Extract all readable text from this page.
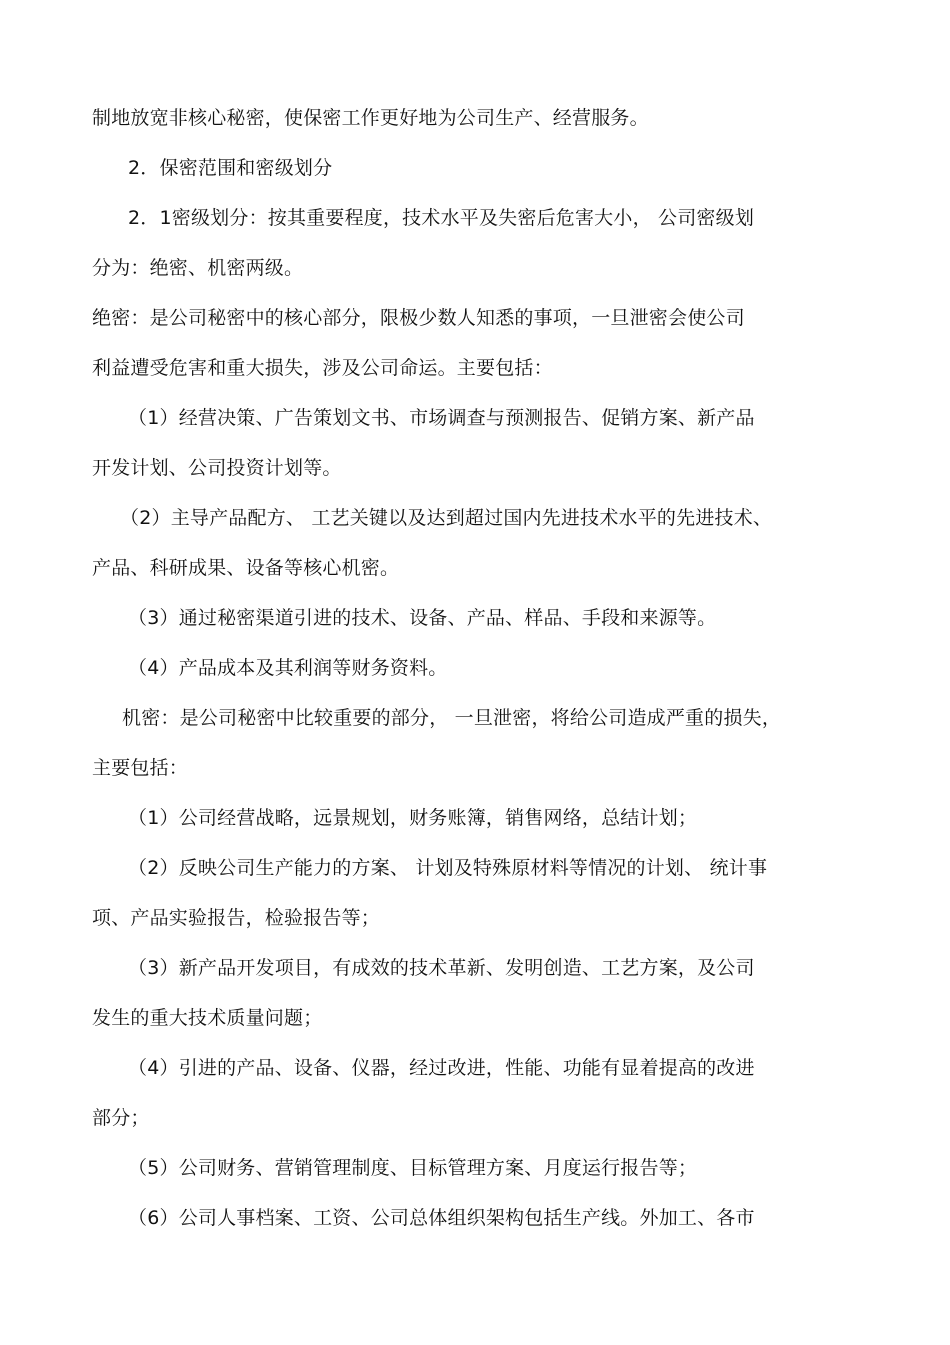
制地放宽非核心秘密，使保密工作更好地为公司生产、经营服务。
2．保密范围和密级划分
2．1密级划分：按其重要程度，技术水平及失密后危害大小， 公司密级划
分为：绝密、机密两级。
绝密：是公司秘密中的核心部分，限极少数人知悉的事项，一旦泄密会使公司
利益遭受危害和重大损失，涉及公司命运。主要包括：
（1）经营决策、广告策划文书、市场调查与预测报告、促销方案、新产品
开发计划、公司投资计划等。
（2）主导产品配方、 工艺关键以及达到超过国内先进技术水平的先进技术、
产品、科研成果、设备等核心机密。
（3）通过秘密渠道引进的技术、设备、产品、样品、手段和来源等。
（4）产品成本及其利润等财务资料。
机密：是公司秘密中比较重要的部分， 一旦泄密，将给公司造成严重的损失，
主要包括：
（1）公司经营战略，远景规划，财务账簿，销售网络，总结计划；
（2）反映公司生产能力的方案、 计划及特殊原材料等情况的计划、 统计事
项、产品实验报告，检验报告等；
（3）新产品开发项目，有成效的技术革新、发明创造、工艺方案，及公司
发生的重大技术质量问题；
（4）引进的产品、设备、仪器，经过改进，性能、功能有显着提高的改进
部分；
（5）公司财务、营销管理制度、目标管理方案、月度运行报告等；
（6）公司人事档案、工资、公司总体组织架构包括生产线。外加工、各市
